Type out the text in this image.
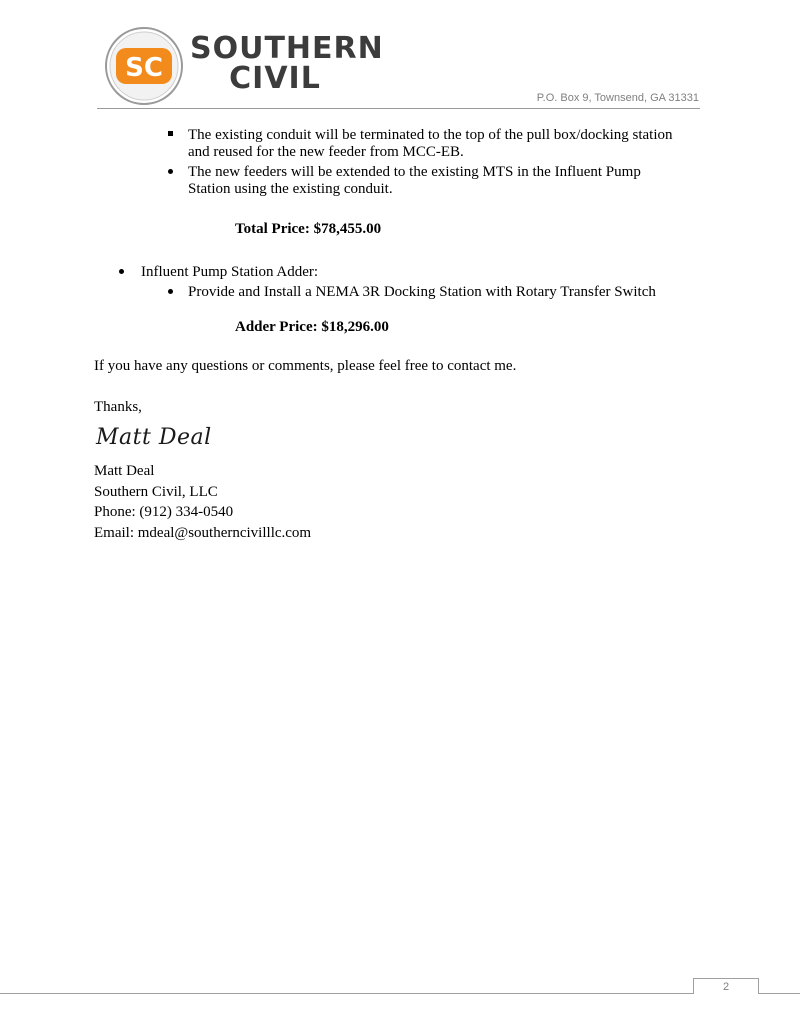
SC
SOUTHERN
CIVIL
P.O. Box 9, Townsend, GA 31331
The existing conduit will be terminated to the top of the pull box/docking station
and reused for the new feeder from MCC-EB.
The new feeders will be extended to the existing MTS in the Influent Pump
Station using the existing conduit.
Total Price: $78,455.00
Influent Pump Station Adder:
Provide and Install a NEMA 3R Docking Station with Rotary Transfer Switch
Adder Price: $18,296.00
If you have any questions or comments, please feel free to contact me.
Thanks,
Matt Deal
Matt Deal
Southern Civil, LLC
Phone: (912) 334-0540
Email: mdeal@southerncivilllc.com
2
